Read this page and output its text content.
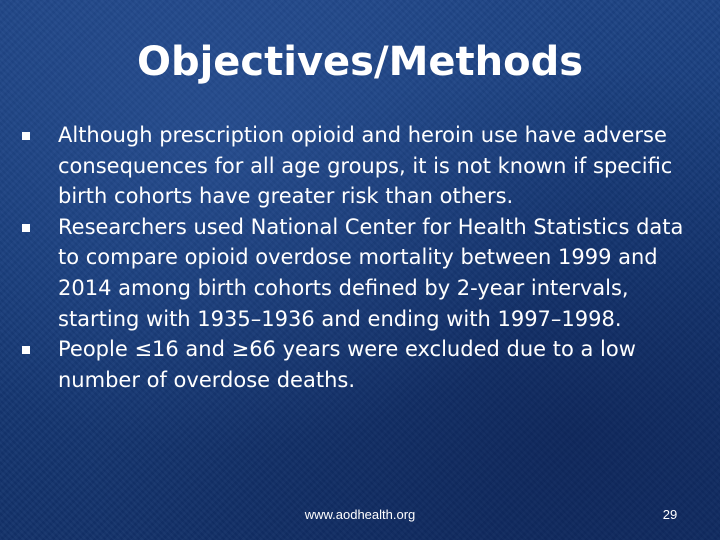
Objectives/Methods
Although prescription opioid and heroin use have adverse consequences for all age groups, it is not known if specific birth cohorts have greater risk than others.
Researchers used National Center for Health Statistics data to compare opioid overdose mortality between 1999 and 2014 among birth cohorts defined by 2-year intervals, starting with 1935–1936 and ending with 1997–1998.
People ≤16 and ≥66 years were excluded due to a low number of overdose deaths.
www.aodhealth.org	29
